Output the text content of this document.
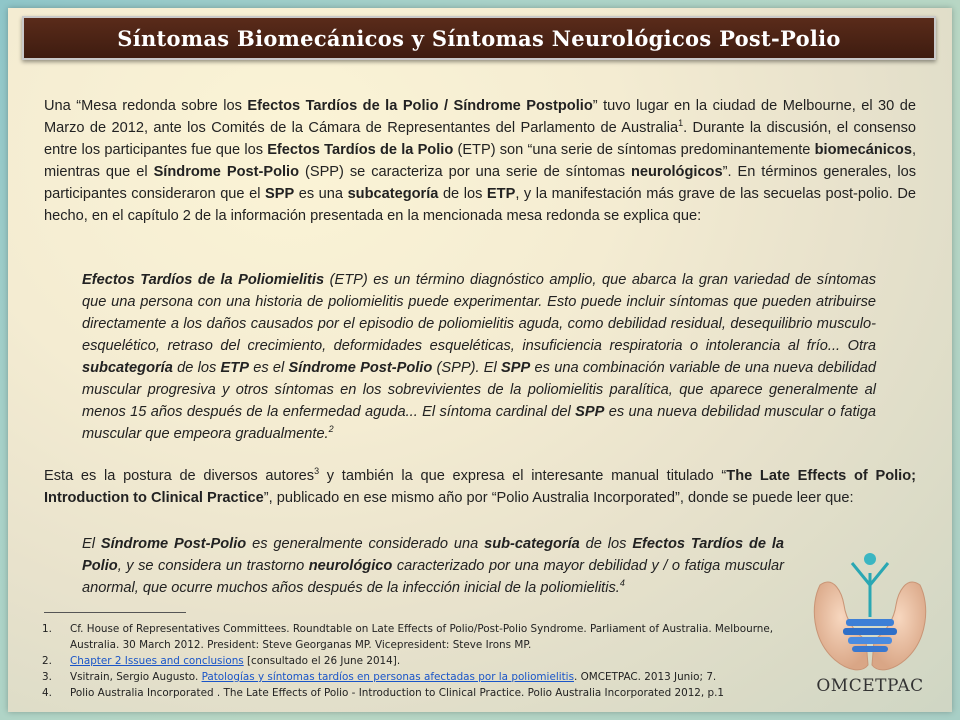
Síntomas Biomecánicos y Síntomas Neurológicos Post-Polio
Una “Mesa redonda sobre los Efectos Tardíos de la Polio / Síndrome Postpolio” tuvo lugar en la ciudad de Melbourne, el 30 de Marzo de 2012, ante los Comités de la Cámara de Representantes del Parlamento de Australia$^1$. Durante la discusión, el consenso entre los participantes fue que los Efectos Tardíos de la Polio (ETP) son “una serie de síntomas predominantemente biomecánicos, mientras que el Síndrome Post-Polio (SPP) se caracteriza por una serie de síntomas neurológicos”. En términos generales, los participantes consideraron que el SPP es una subcategoría de los ETP, y la manifestación más grave de las secuelas post-polio. De hecho, en el capítulo 2 de la información presentada en la mencionada mesa redonda se explica que:
Efectos Tardíos de la Poliomielitis (ETP) es un término diagnóstico amplio, que abarca la gran variedad de síntomas que una persona con una historia de poliomielitis puede experimentar. Esto puede incluir síntomas que pueden atribuirse directamente a los daños causados por el episodio de poliomielitis aguda, como debilidad residual, desequilibrio musculo-esquelético, retraso del crecimiento, deformidades esqueléticas, insuficiencia respiratoria o intolerancia al frío... Otra subcategoría de los ETP es el Síndrome Post-Polio (SPP). El SPP es una combinación variable de una nueva debilidad muscular progresiva y otros síntomas en los sobrevivientes de la poliomielitis paralítica, que aparece generalmente al menos 15 años después de la enfermedad aguda... El síntoma cardinal del SPP es una nueva debilidad muscular o fatiga muscular que empeora gradualmente.$^2$
Esta es la postura de diversos autores$^3$ y también la que expresa el interesante manual titulado “The Late Effects of Polio; Introduction to Clinical Practice”, publicado en ese mismo año por “Polio Australia Incorporated”, donde se puede leer que:
El Síndrome Post-Polio es generalmente considerado una sub-categoría de los Efectos Tardíos de la Polio, y se considera un trastorno neurológico caracterizado por una mayor debilidad y / o fatiga muscular anormal, que ocurre muchos años después de la infección inicial de la poliomielitis.$^4$
1. Cf. House of Representatives Committees. Roundtable on Late Effects of Polio/Post-Polio Syndrome. Parliament of Australia. Melbourne, Australia. 30 March 2012. President: Steve Georganas MP. Vicepresident: Steve Irons MP.
2. Chapter 2 Issues and conclusions [consultado el 26 June 2014].
3. Vsitrain, Sergio Augusto. Patologías y síntomas tardíos en personas afectadas por la poliomielitis. OMCETPAC. 2013 Junio; 7.
4. Polio Australia Incorporated . The Late Effects of Polio - Introduction to Clinical Practice. Polio Australia Incorporated 2012, p.1	OMCETPAC
